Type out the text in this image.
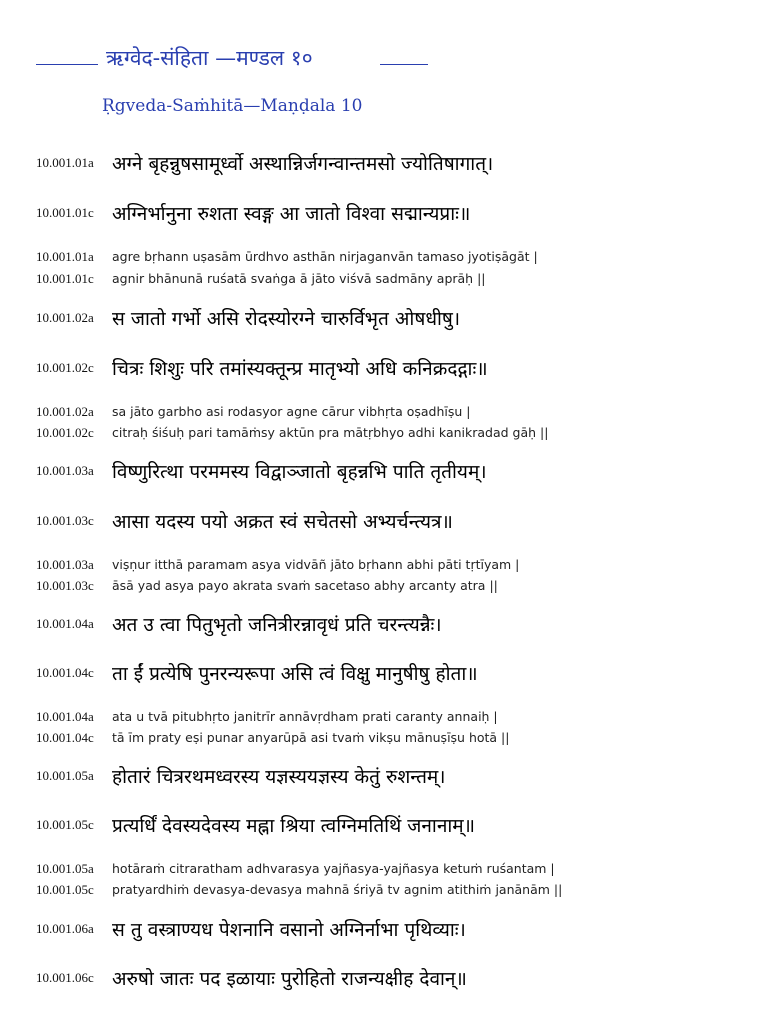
ऋग्वेद-संहिता —मण्डल १०
Ṛgveda-Saṁhitā—Maṇḍala 10
10.001.01a अग्ने बृहन्नुषसामूर्ध्वो अस्थान्निर्जगन्वान्तमसो ज्योतिषागात्।
10.001.01c अग्निर्भानुना रुशता स्वङ्ग आ जातो विश्वा सद्मान्यप्राः॥
10.001.01a agre bṛhann uṣasām ūrdhvo asthān nirjaganvān tamaso jyotiṣāgāt |
10.001.01c agnir bhānunā ruśatā svaṅga ā jāto viśvā sadmāny aprāḥ ||
10.001.02a स जातो गर्भो असि रोदस्योरग्ने चारुर्विभृत ओषधीषु।
10.001.02c चित्रः शिशुः परि तमांस्यक्तून्प्र मातृभ्यो अधि कनिक्रदद्गाः॥
10.001.02a sa jāto garbho asi rodasyor agne cārur vibhṛta oṣadhīṣu |
10.001.02c citraḥ śiśuḥ pari tamāṁsy aktūn pra mātṛbhyo adhi kanikradad gāḥ ||
10.001.03a विष्णुरित्था परममस्य विद्वाञ्जातो बृहन्नभि पाति तृतीयम्।
10.001.03c आसा यदस्य पयो अक्रत स्वं सचेतसो अभ्यर्चन्त्यत्र॥
10.001.03a viṣṇur itthā paramam asya vidvāñ jāto bṛhann abhi pāti tṛtīyam |
10.001.03c āsā yad asya payo akrata svaṁ sacetaso abhy arcanty atra ||
10.001.04a अत उ त्वा पितुभृतो जनित्रीरन्नावृधं प्रति चरन्त्यन्नैः।
10.001.04c ता ईं प्रत्येषि पुनरन्यरूपा असि त्वं विक्षु मानुषीषु होता॥
10.001.04a ata u tvā pitubhṛto janitrīr annāvṛdham prati caranty annaiḥ |
10.001.04c tā īm praty eṣi punar anyarūpā asi tvaṁ vikṣu mānuṣīṣu hotā ||
10.001.05a होतारं चित्ररथमध्वरस्य यज्ञस्ययज्ञस्य केतुं रुशन्तम्।
10.001.05c प्रत्यर्धिं देवस्यदेवस्य मह्ना श्रिया त्वग्निमतिथिं जनानाम्॥
10.001.05a hotāraṁ citraratham adhvarasya yajñasya-yajñasya ketuṁ ruśantam |
10.001.05c pratyardhiṁ devasya-devasya mahnā śriyā tv agnim atithiṁ janānām ||
10.001.06a स तु वस्त्राण्यध पेशनानि वसानो अग्निर्नाभा पृथिव्याः।
10.001.06c अरुषो जातः पद इळायाः पुरोहितो राजन्यक्षीह देवान्॥
